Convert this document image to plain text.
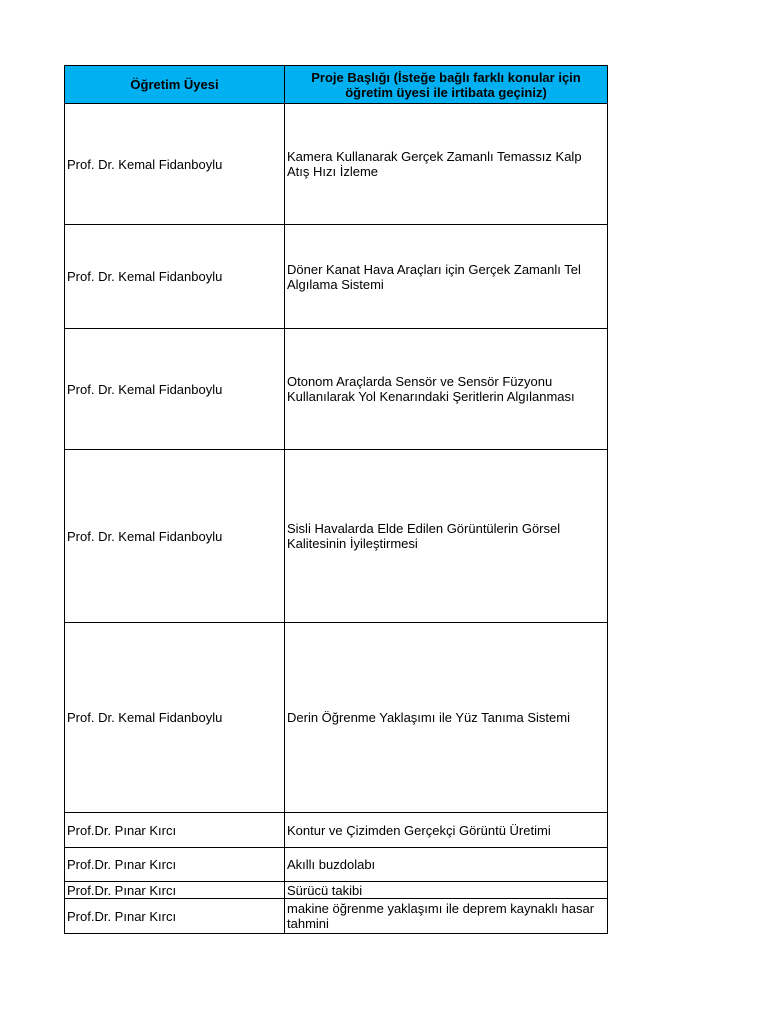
Öğretim Üyesi	Proje Başlığı (İsteğe bağlı farklı konular için öğretim üyesi ile irtibata geçiniz)
Prof. Dr. Kemal Fidanboylu	Kamera Kullanarak Gerçek Zamanlı Temassız Kalp Atış Hızı İzleme
Prof. Dr. Kemal Fidanboylu	Döner Kanat Hava Araçları için Gerçek Zamanlı Tel Algılama Sistemi
Prof. Dr. Kemal Fidanboylu	Otonom Araçlarda Sensör ve Sensör Füzyonu Kullanılarak Yol Kenarındaki Şeritlerin Algılanması
Prof. Dr. Kemal Fidanboylu	Sisli Havalarda Elde Edilen Görüntülerin Görsel Kalitesinin İyileştirmesi
Prof. Dr. Kemal Fidanboylu	Derin Öğrenme Yaklaşımı ile Yüz Tanıma Sistemi
Prof.Dr. Pınar Kırcı	Kontur ve Çizimden Gerçekçi Görüntü Üretimi
Prof.Dr. Pınar Kırcı	Akıllı buzdolabı
Prof.Dr. Pınar Kırcı	Sürücü takibi
Prof.Dr. Pınar Kırcı	makine öğrenme yaklaşımı ile deprem kaynaklı hasar tahmini
